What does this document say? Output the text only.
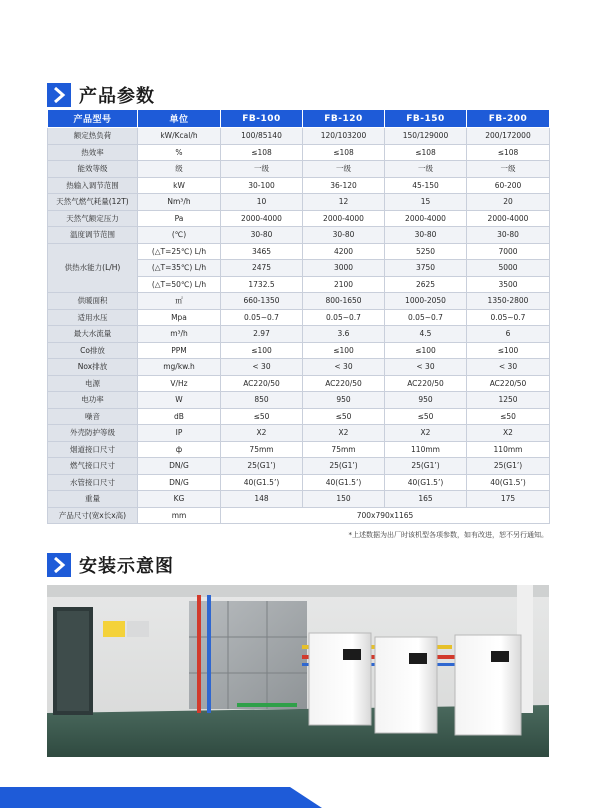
产品参数
产品型号	单位	FB-100	FB-120	FB-150	FB-200
额定热负荷	kW/Kcal/h	100/85140	120/103200	150/129000	200/172000
热效率	%	≤108	≤108	≤108	≤108
能效等级	级	一级	一级	一级	一级
热输入调节范围	kW	30-100	36-120	45-150	60-200
天然气燃气耗量(12T)	Nm³/h	10	12	15	20
天然气额定压力	Pa	2000-4000	2000-4000	2000-4000	2000-4000
温度调节范围	(℃)	30-80	30-80	30-80	30-80
供热水能力(L/H)	(△T=25℃) L/h	3465	4200	5250	7000
	(△T=35℃) L/h	2475	3000	3750	5000
	(△T=50℃) L/h	1732.5	2100	2625	3500
供暖面积	㎡	660-1350	800-1650	1000-2050	1350-2800
适用水压	Mpa	0.05~0.7	0.05~0.7	0.05~0.7	0.05~0.7
最大水流量	m³/h	2.97	3.6	4.5	6
Co排放	PPM	≤100	≤100	≤100	≤100
Nox排放	mg/kw.h	< 30	< 30	< 30	< 30
电源	V/Hz	AC220/50	AC220/50	AC220/50	AC220/50
电功率	W	850	950	950	1250
噪音	dB	≤50	≤50	≤50	≤50
外壳防护等级	IP	X2	X2	X2	X2
烟道接口尺寸	ф	75mm	75mm	110mm	110mm
燃气接口尺寸	DN/G	25(G1’)	25(G1’)	25(G1’)	25(G1’)
水管接口尺寸	DN/G	40(G1.5’)	40(G1.5’)	40(G1.5’)	40(G1.5’)
重量	KG	148	150	165	175
产品尺寸(宽x长x高)	mm	700x790x1165			
*上述数据为出厂时该机型各项参数，如有改进，恕不另行通知。
安装示意图
